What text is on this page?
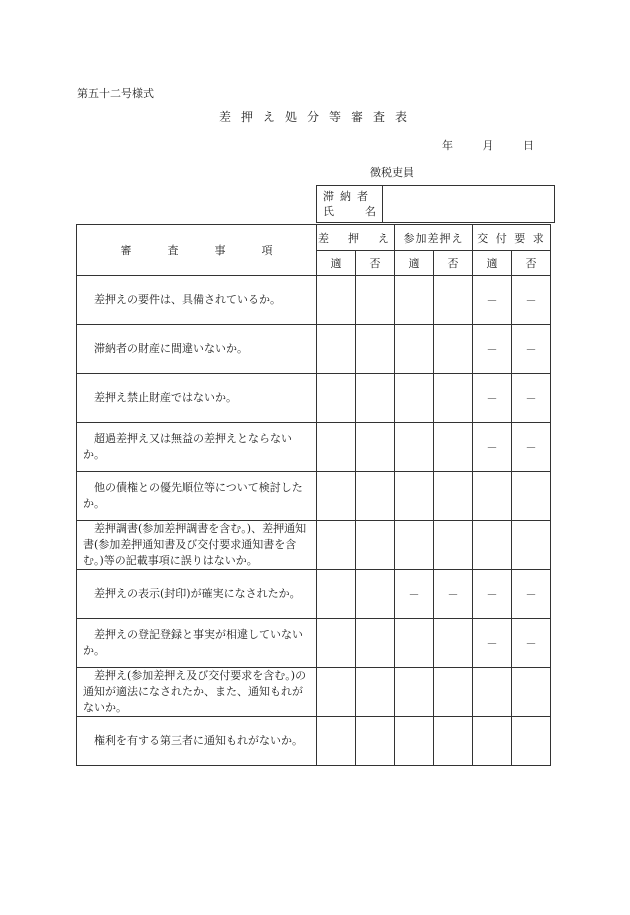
第五十二号様式
差押え処分等審査表
年	月	日
徴税吏員
滞納者
氏	名
審査事項	差　押　え		参加差押え		交 付 要 求	
	適	否	適	否	適	否

差押えの要件は、具備されているか。					－	－

滞納者の財産に間違いないか。					－	－

差押え禁止財産ではないか。					－	－

超過差押え又は無益の差押えとならないか。					－	－

他の債権との優先順位等について検討したか。						

差押調書(参加差押調書を含む。)、差押通知書(参加差押通知書及び交付要求通知書を含む。)等の記載事項に誤りはないか。						

差押えの表示(封印)が確実になされたか。			－	－	－	－

差押えの登記登録と事実が相違していないか。					－	－

差押え(参加差押え及び交付要求を含む。)の通知が適法になされたか、また、通知もれがないか。						

権利を有する第三者に通知もれがないか。						
